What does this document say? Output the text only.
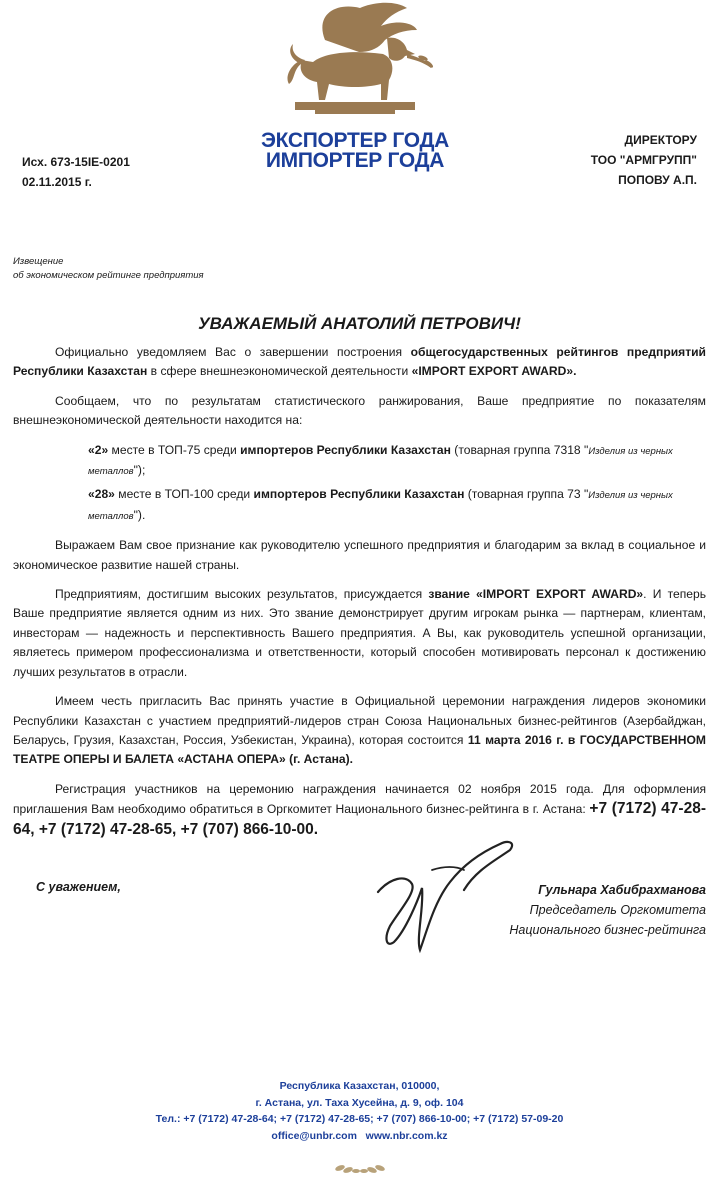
ЭКСПОРТЕР ГОДА
ИМПОРТЕР ГОДА
Исх. 673-15IE-0201
02.11.2015 г.
ДИРЕКТОРУ
ТОО "АРМГРУПП"
ПОПОВУ А.П.
Извещение
об экономическом рейтинге предприятия
УВАЖАЕМЫЙ АНАТОЛИЙ ПЕТРОВИЧ!

Официально уведомляем Вас о завершении построения общегосударственных рейтингов предприятий Республики Казахстан в сфере внешнеэкономической деятельности «IMPORT EXPORT AWARD».

Сообщаем, что по результатам статистического ранжирования, Ваше предприятие по показателям внешнеэкономической деятельности находится на:

«2» месте в ТОП-75 среди импортеров Республики Казахстан (товарная группа 7318 "Изделия из черных металлов");

«28» месте в ТОП-100 среди импортеров Республики Казахстан (товарная группа 73 "Изделия из черных металлов").

Выражаем Вам свое признание как руководителю успешного предприятия и благодарим за вклад в социальное и экономическое развитие нашей страны.

Предприятиям, достигшим высоких результатов, присуждается звание «IMPORT EXPORT AWARD». И теперь Ваше предприятие является одним из них. Это звание демонстрирует другим игрокам рынка — партнерам, клиентам, инвесторам — надежность и перспективность Вашего предприятия. А Вы, как руководитель успешной организации, являетесь примером профессионализма и ответственности, который способен мотивировать персонал к достижению лучших результатов в отрасли.

Имеем честь пригласить Вас принять участие в Официальной церемонии награждения лидеров экономики Республики Казахстан с участием предприятий-лидеров стран Союза Национальных бизнес-рейтингов (Азербайджан, Беларусь, Грузия, Казахстан, Россия, Узбекистан, Украина), которая состоится 11 марта 2016 г. в ГОСУДАРСТВЕННОМ ТЕАТРЕ ОПЕРЫ И БАЛЕТА «АСТАНА ОПЕРА» (г. Астана).

Регистрация участников на церемонию награждения начинается 02 ноября 2015 года. Для оформления приглашения Вам необходимо обратиться в Оргкомитет Национального бизнес-рейтинга в г. Астана: +7 (7172) 47-28-64, +7 (7172) 47-28-65, +7 (707) 866-10-00.

С уважением,	Гульнара Хабибрахманова
Председатель Оргкомитета
Национального бизнес-рейтинга
Республика Казахстан, 010000,
г. Астана, ул. Таха Хусейна, д. 9, оф. 104
Тел.: +7 (7172) 47-28-64; +7 (7172) 47-28-65; +7 (707) 866-10-00; +7 (7172) 57-09-20
office@unbr.com   www.nbr.com.kz
